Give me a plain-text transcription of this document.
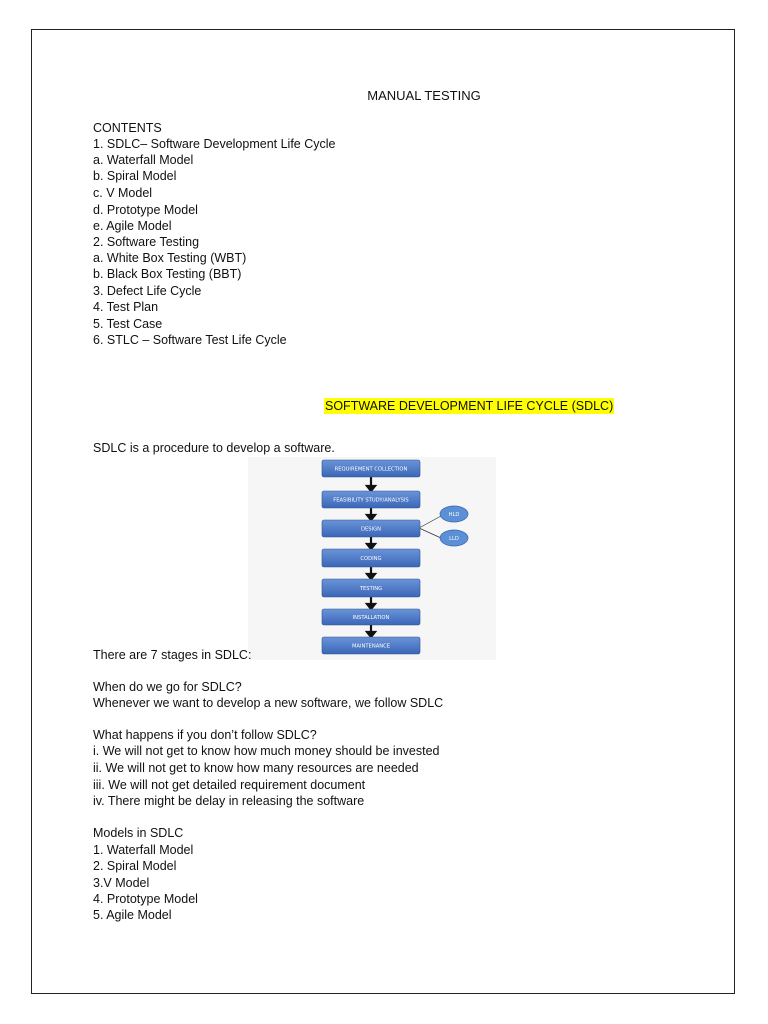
MANUAL TESTING
CONTENTS
1. SDLC– Software Development Life Cycle
a. Waterfall Model
b. Spiral Model
c. V Model
d. Prototype Model
e. Agile Model
2. Software Testing
a. White Box Testing (WBT)
b. Black Box Testing (BBT)
3. Defect Life Cycle
4. Test Plan
5. Test Case
6. STLC – Software Test Life Cycle
SOFTWARE DEVELOPMENT LIFE CYCLE (SDLC)
SDLC is a procedure to develop a software.
REQUIREMENT COLLECTION
FEASIBILITY STUDY/ANALYSIS
DESIGN
CODING
TESTING
INSTALLATION
MAINTENANCE
HLD
LLD
There are 7 stages in SDLC:
When do we go for SDLC?
Whenever we want to develop a new software, we follow SDLC
What happens if you don’t follow SDLC?
i. We will not get to know how much money should be invested
ii. We will not get to know how many resources are needed
iii. We will not get detailed requirement document
iv. There might be delay in releasing the software
Models in SDLC
1. Waterfall Model
2. Spiral Model
3.V Model
4. Prototype Model
5. Agile Model
